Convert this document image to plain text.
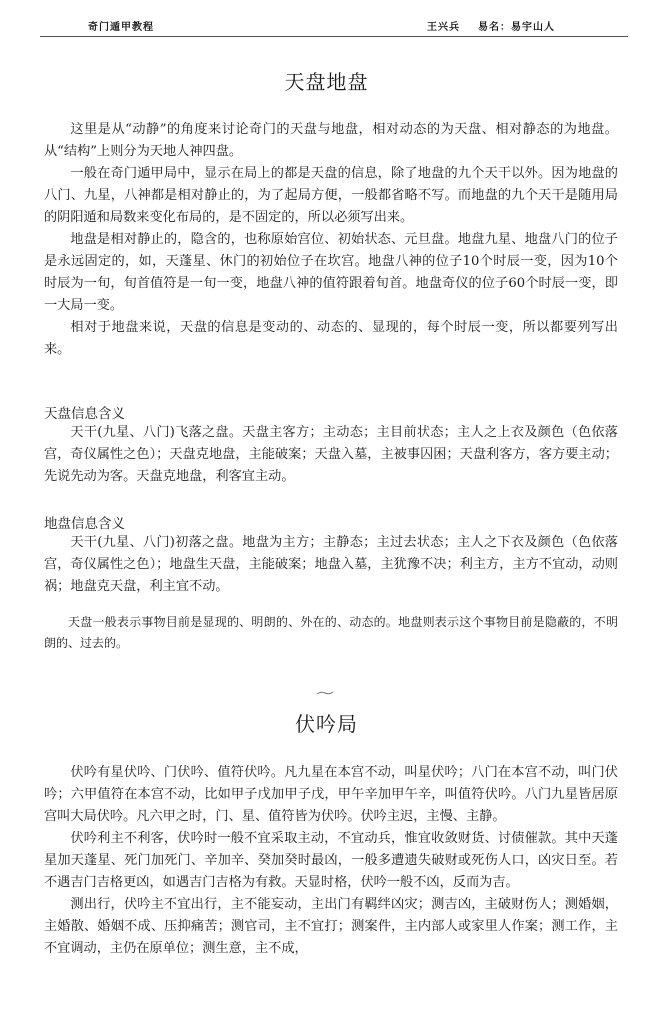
奇门遁甲教程	王兴兵 易名：易宇山人
天盘地盘

这里是从“动静”的角度来讨论奇门的天盘与地盘，相对动态的为天盘、相对静态的为地盘。从“结构”上则分为天地人神四盘。

一般在奇门遁甲局中，显示在局上的都是天盘的信息，除了地盘的九个天干以外。因为地盘的八门、九星，八神都是相对静止的，为了起局方便，一般都省略不写。而地盘的九个天干是随用局的阴阳遁和局数来变化布局的，是不固定的，所以必须写出来。

地盘是相对静止的，隐含的，也称原始宫位、初始状态、元旦盘。地盘九星、地盘八门的位子是永远固定的，如，天蓬星、休门的初始位子在坎宫。地盘八神的位子10个时辰一变，因为10个时辰为一旬，旬首值符是一旬一变，地盘八神的值符跟着旬首。地盘奇仪的位子60个时辰一变，即一大局一变。

相对于地盘来说，天盘的信息是变动的、动态的、显现的，每个时辰一变，所以都要列写出来。

天盘信息含义

天干(九星、八门)飞落之盘。天盘主客方；主动态；主目前状态；主人之上衣及颜色（色依落宫，奇仪属性之色）；天盘克地盘，主能破案；天盘入墓，主被事囚困；天盘利客方，客方要主动；先说先动为客。天盘克地盘，利客宜主动。

地盘信息含义

天干(九星、八门)初落之盘。地盘为主方；主静态；主过去状态；主人之下衣及颜色（色依落宫，奇仪属性之色）；地盘生天盘，主能破案；地盘入墓，主犹豫不决；利主方，主方不宜动，动则祸；地盘克天盘，利主宜不动。

天盘一般表示事物目前是显现的、明朗的、外在的、动态的。地盘则表示这个事物目前是隐蔽的，不明朗的、过去的。

伏吟局

伏吟有星伏吟、门伏吟、值符伏吟。凡九星在本宫不动，叫星伏吟；八门在本宫不动，叫门伏吟；六甲值符在本宫不动，比如甲子戊加甲子戊，甲午辛加甲午辛，叫值符伏吟。八门九星皆居原宫叫大局伏吟。凡六甲之时，门、星、值符皆为伏吟。伏吟主迟，主慢、主静。

伏吟利主不利客，伏吟时一般不宜采取主动，不宜动兵，惟宜收敛财货、讨债催款。其中天蓬星加天蓬星、死门加死门、辛加辛、癸加癸时最凶，一般多遭遗失破财或死伤人口，凶灾日至。若不遇吉门吉格更凶，如遇吉门吉格为有救。天显时格，伏吟一般不凶，反而为吉。

测出行，伏吟主不宜出行，主不能妄动，主出门有羁绊凶灾；测吉凶，主破财伤人；测婚姻，主婚散、婚姻不成、压抑痛苦；测官司，主不宜打；测案件，主内部人或家里人作案；测工作，主不宜调动，主仍在原单位；测生意，主不成，
